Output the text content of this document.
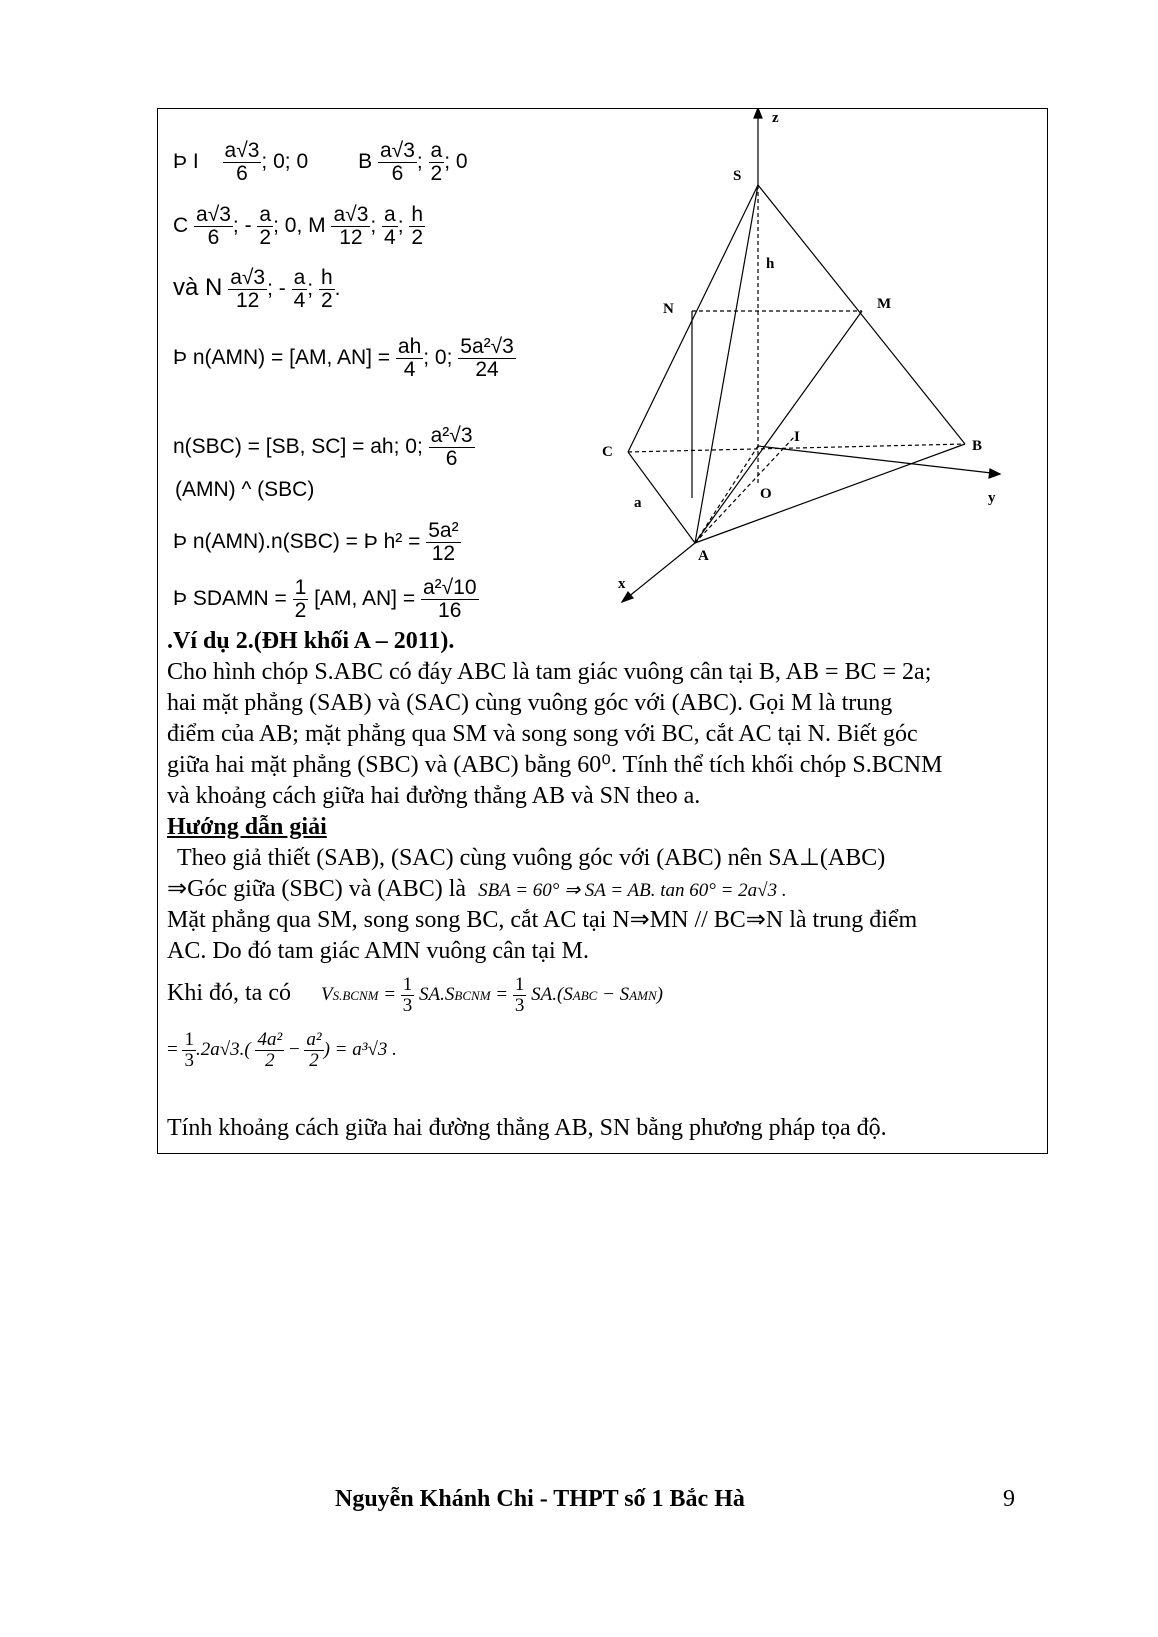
Þ I $\frac{a√3}{6}$ ; 0; 0 B $\frac{a√3}{6}$ ; $\frac{a}{2}$ ; 0
C $\frac{a√3}{6}$ ; - $\frac{a}{2}$ ; 0, M $\frac{a√3}{12}$ ; $\frac{a}{4}$ ; $\frac{h}{2}$
và N $\frac{a√3}{12}$ ; - $\frac{a}{4}$ ; $\frac{h}{2}$ .
Þ n(AMN) = [AM, $AN] = \frac{ah}{4}$ ; 0; $\frac{\text{5a²√3}}{24}$
n(SBC) = [SB, SC] = ah; 0; $\frac{\text{a²√3}}{6}$
(AMN) ^ (SBC)
Þ n(AMN).n(SBC) = Þ $h^2 = \frac{\text{5a²}}{12}$
Þ SDAMN = $\frac{1}{2} [AM$, $AN] = \frac{\text{a²√10}}{16}$
z
S
h
N	M
C
I
B
O	y
a
A
x
.Ví dụ 2.(ĐH khối A – 2011).
Cho hình chóp S.ABC có đáy ABC là tam giác vuông cân tại B, AB = BC = 2a;
hai mặt phẳng (SAB) và (SAC) cùng vuông góc với (ABC). Gọi M là trung
điểm của AB; mặt phẳng qua SM và song song với BC, cắt AC tại N. Biết góc
giữa hai mặt phẳng (SBC) và (ABC) bằng 60⁰. Tính thể tích khối chóp S.BCNM
và khoảng cách giữa hai đường thẳng AB và SN theo a.
Hướng dẫn giải
Theo giả thiết (SAB), (SAC) cùng vuông góc với (ABC) nên SA⊥(ABC)
⇒Góc giữa (SBC) và (ABC) là SBA = 60° ⇒ SA = AB. tan 60° = 2a√3 .
Mặt phẳng qua SM, song song BC, cắt AC tại N⇒MN // BC⇒N là trung điểm
AC. Do đó tam giác AMN vuông cân tại M.
Khi đó, ta có VS.BCNM = $\frac{1}{3}$ SA.SBCNM = $\frac{1}{3}$ SA.(SABC − SAMN)
= $\frac{1}{3} .2a√3.( \frac{\text{4a²}}{2} - \frac{\text{a²}}{2}$ ) = a³√3 .
Tính khoảng cách giữa hai đường thẳng AB, SN bằng phương pháp tọa độ.
Nguyễn Khánh Chi - THPT số 1 Bắc Hà	9
